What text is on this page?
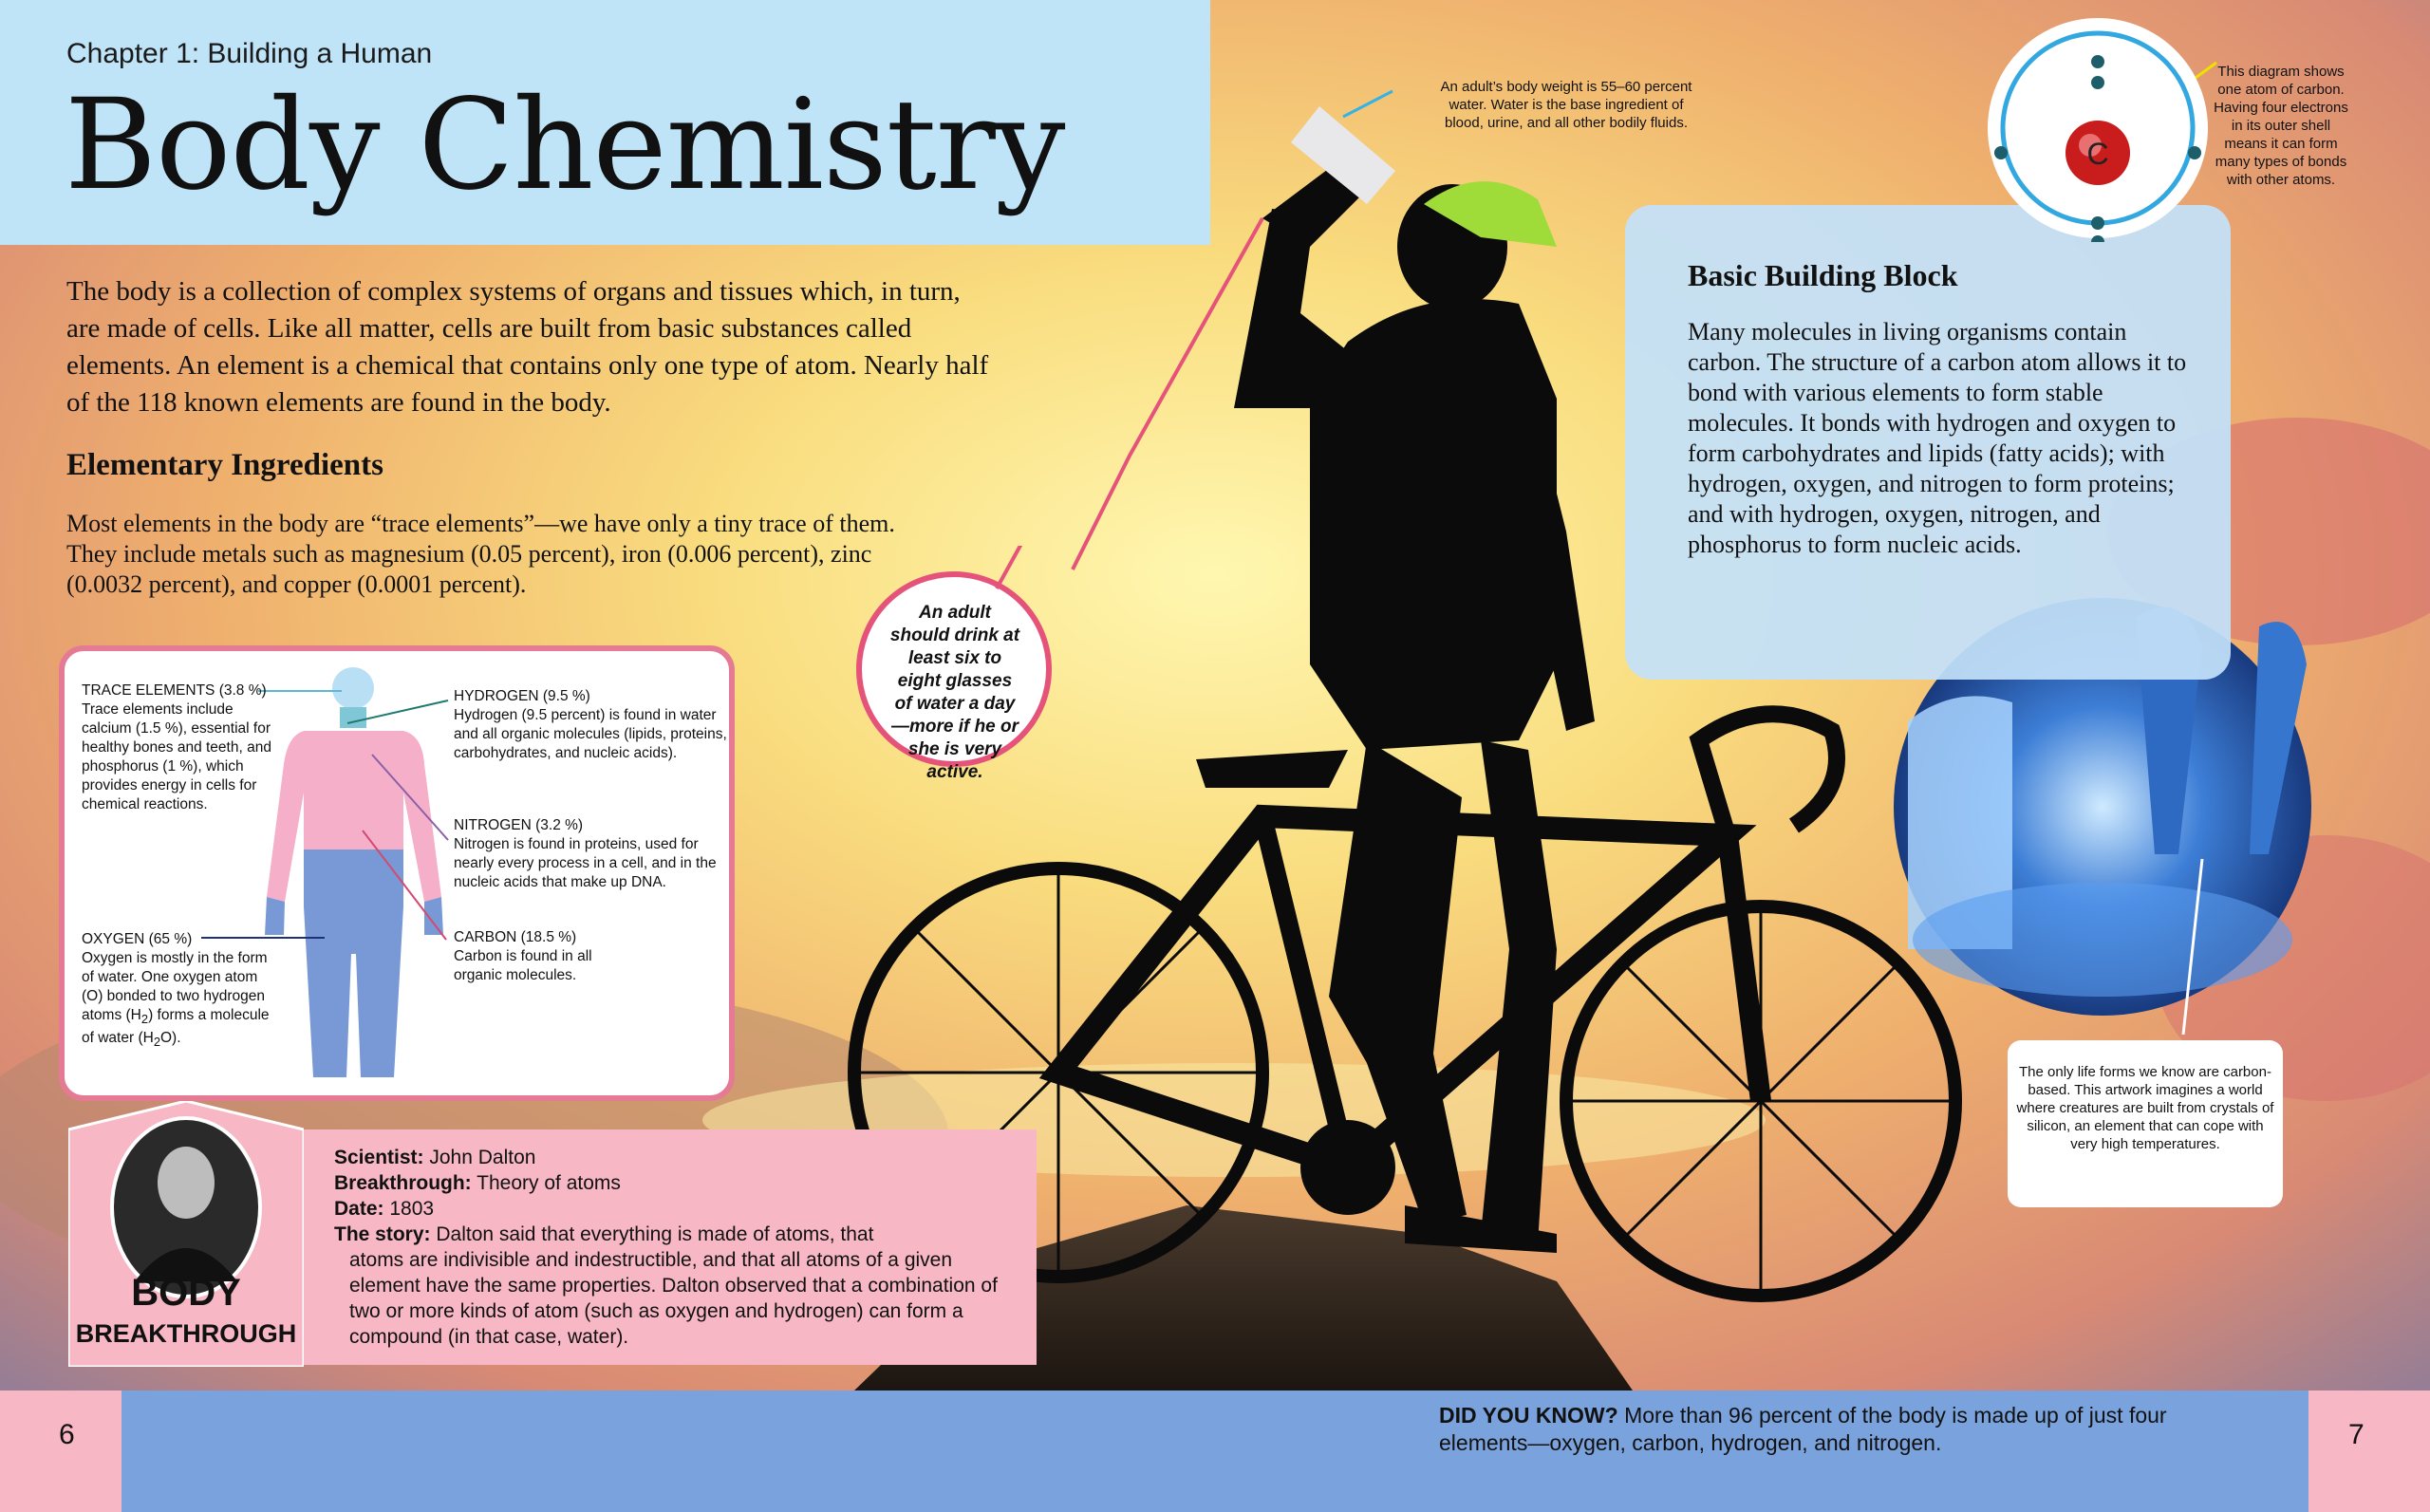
Chapter 1: Building a Human
Body Chemistry
The body is a collection of complex systems of organs and tissues which, in turn, are made of cells. Like all matter, cells are built from basic substances called elements. An element is a chemical that contains only one type of atom. Nearly half of the 118 known elements are found in the body.
Elementary Ingredients
Most elements in the body are “trace elements”—we have only a tiny trace of them. They include metals such as magnesium (0.05 percent), iron (0.006 percent), zinc (0.0032 percent), and copper (0.0001 percent).
An adult’s body weight is 55–60 percent water. Water is the base ingredient of blood, urine, and all other bodily fluids.
An adult should drink at least six to eight glasses of water a day—more if he or she is very active.
TRACE ELEMENTS (3.8 %)
Trace elements include calcium (1.5 %), essential for healthy bones and teeth, and phosphorus (1 %), which provides energy in cells for chemical reactions.
HYDROGEN (9.5 %)
Hydrogen (9.5 percent) is found in water and all organic molecules (lipids, proteins, carbohydrates, and nucleic acids).
NITROGEN (3.2 %)
Nitrogen is found in proteins, used for nearly every process in a cell, and in the nucleic acids that make up DNA.
CARBON (18.5 %)
Carbon is found in all organic molecules.
OXYGEN (65 %)
Oxygen is mostly in the form of water. One oxygen atom (O) bonded to two hydrogen atoms $(H_2)$ forms a molecule of water $(H_2O)$.
BODY
BREAKTHROUGH
Scientist: John Dalton
Breakthrough: Theory of atoms
Date: 1803
The story: Dalton said that everything is made of atoms, that
atoms are indivisible and indestructible, and that all atoms of a given element have the same properties. Dalton observed that a combination of two or more kinds of atom (such as oxygen and hydrogen) can form a compound (in that case, water).
Basic Building Block
Many molecules in living organisms contain carbon. The structure of a carbon atom allows it to bond with various elements to form stable molecules. It bonds with hydrogen and oxygen to form carbohydrates and lipids (fatty acids); with hydrogen, oxygen, and nitrogen to form proteins; and with hydrogen, oxygen, nitrogen, and phosphorus to form nucleic acids.
C
This diagram shows one atom of carbon. Having four electrons in its outer shell means it can form many types of bonds with other atoms.
The only life forms we know are carbon-based. This artwork imagines a world where creatures are built from crystals of silicon, an element that can cope with very high temperatures.
6	7
DID YOU KNOW? More than 96 percent of the body is made up of just four elements—oxygen, carbon, hydrogen, and nitrogen.
